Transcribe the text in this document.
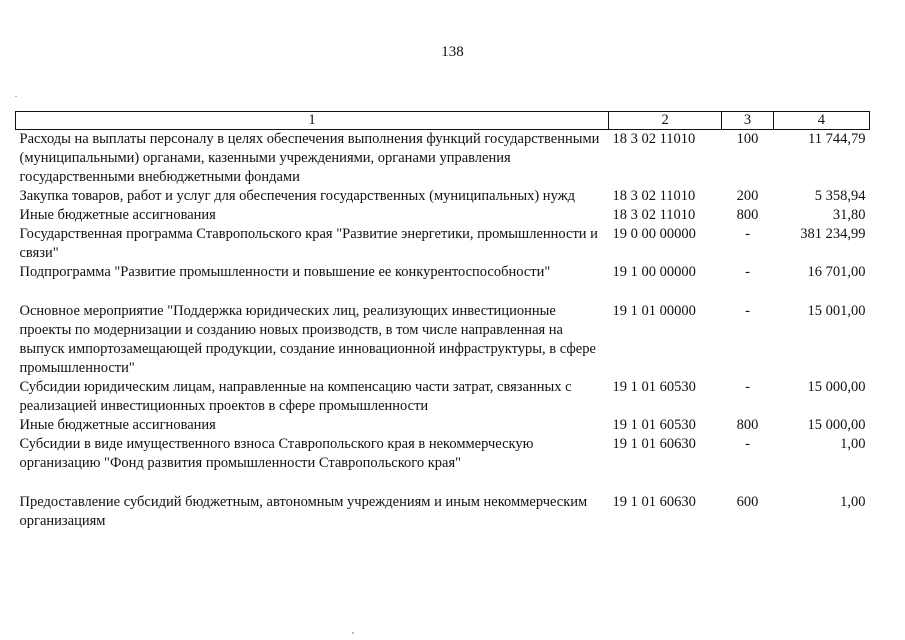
138
1	2	3	4
Расходы на выплаты персоналу в целях обеспечения выполнения функций государственными (муниципальными) органами, казенными учреждениями, органами управления государственными внебюджетными фондами	18 3 02 11010	100	11 744,79
Закупка товаров, работ и услуг для обеспечения государственных (муниципальных) нужд	18 3 02 11010	200	5 358,94
Иные бюджетные ассигнования	18 3 02 11010	800	31,80
Государственная программа Ставропольского края "Развитие энергетики, промышленности и связи"	19 0 00 00000	-	381 234,99
Подпрограмма "Развитие промышленности и повышение ее конкурентоспособности"	19 1 00 00000	-	16 701,00
Основное мероприятие "Поддержка юридических лиц, реализующих инвестиционные проекты по модернизации и созданию новых производств, в том числе направленная на выпуск импортозамещающей продукции, создание инновационной инфраструктуры, в сфере промышленности"	19 1 01 00000	-	15 001,00
Субсидии юридическим лицам, направленные на компенсацию части затрат, связанных с реализацией инвестиционных проектов в сфере промышленности	19 1 01 60530	-	15 000,00
Иные бюджетные ассигнования	19 1 01 60530	800	15 000,00
Субсидии в виде имущественного взноса Ставропольского края в некоммерческую организацию "Фонд развития промышленности Ставропольского края"	19 1 01 60630	-	1,00
Предоставление субсидий бюджетным, автономным учреждениям и иным некоммерческим организациям	19 1 01 60630	600	1,00
